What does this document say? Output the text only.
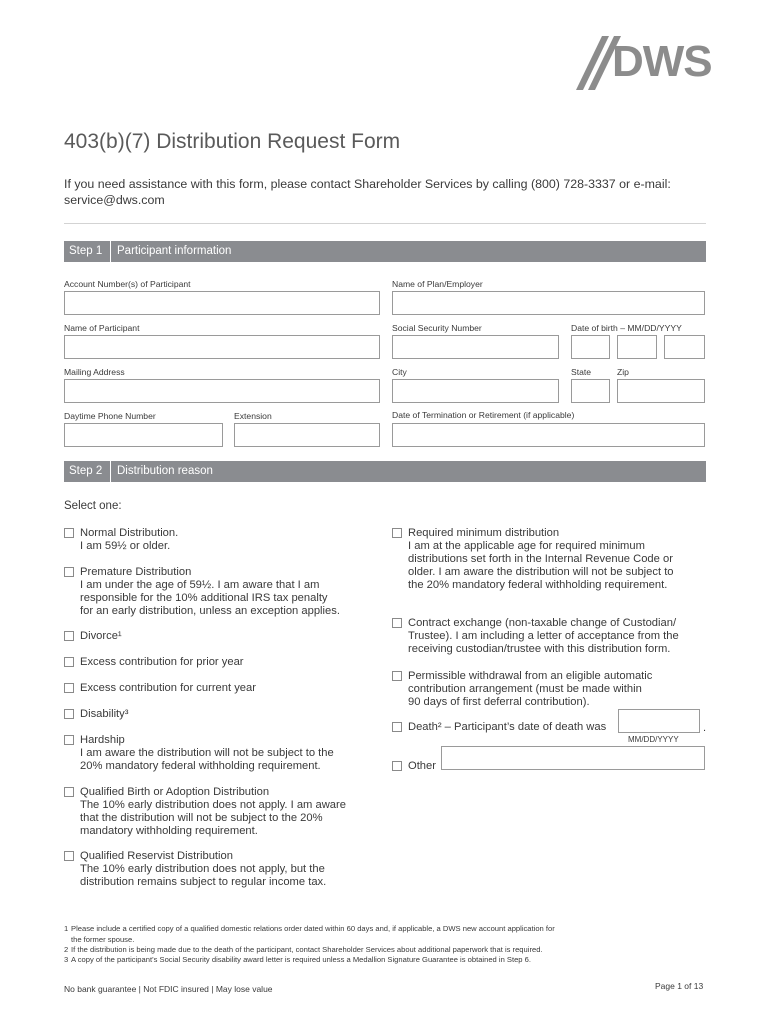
DWS
403(b)(7) Distribution Request Form
If you need assistance with this form, please contact Shareholder Services by calling (800) 728-3337 or e-mail: service@dws.com
Step 1	Participant information
Account Number(s) of Participant	Name of Plan/Employer
Name of Participant	Social Security Number	Date of birth – MM/DD/YYYY
Mailing Address	City	State	Zip
Daytime Phone Number	Extension	Date of Termination or Retirement (if applicable)
Step 2	Distribution reason
Select one:
Normal Distribution.
I am 59½ or older.
Premature Distribution
I am under the age of 59½. I am aware that I am
responsible for the 10% additional IRS tax penalty
for an early distribution, unless an exception applies.
Divorce¹
Excess contribution for prior year
Excess contribution for current year
Disability³
Hardship
I am aware the distribution will not be subject to the
20% mandatory federal withholding requirement.
Qualified Birth or Adoption Distribution
The 10% early distribution does not apply. I am aware
that the distribution will not be subject to the 20%
mandatory withholding requirement.
Qualified Reservist Distribution
The 10% early distribution does not apply, but the
distribution remains subject to regular income tax.
Required minimum distribution
I am at the applicable age for required minimum
distributions set forth in the Internal Revenue Code or
older. I am aware the distribution will not be subject to
the 20% mandatory federal withholding requirement.
Contract exchange (non-taxable change of Custodian/
Trustee). I am including a letter of acceptance from the
receiving custodian/trustee with this distribution form.
Permissible withdrawal from an eligible automatic
contribution arrangement (must be made within
90 days of first deferral contribution).
Death² – Participant’s date of death was	.
MM/DD/YYYY
Other
1 Please include a certified copy of a qualified domestic relations order dated within 60 days and, if applicable, a DWS new account application for
the former spouse.
2 If the distribution is being made due to the death of the participant, contact Shareholder Services about additional paperwork that is required.
3 A copy of the participant’s Social Security disability award letter is required unless a Medallion Signature Guarantee is obtained in Step 6.
No bank guarantee | Not FDIC insured | May lose value	Page 1 of 13
